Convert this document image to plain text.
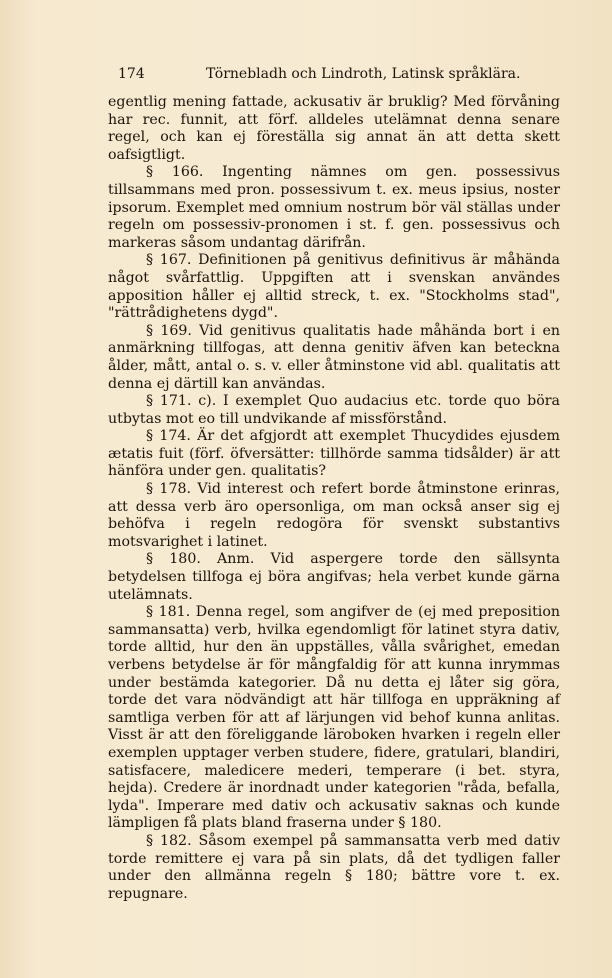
174	Törnebladh och Lindroth, Latinsk språklära.

egentlig mening fattade, ackusativ är bruklig? Med förvåning har rec. funnit, att förf. alldeles utelämnat denna senare regel, och kan ej föreställa sig annat än att detta skett oafsigtligt.

§ 166. Ingenting nämnes om gen. possessivus tillsammans med pron. possessivum t. ex. meus ipsius, noster ipsorum. Exemplet med omnium nostrum bör väl ställas under regeln om possessiv-pronomen i st. f. gen. possessivus och markeras såsom undantag därifrån.

§ 167. Definitionen på genitivus definitivus är måhända något svårfattlig. Uppgiften att i svenskan användes apposition håller ej alltid streck, t. ex. "Stockholms stad", "rättrådighetens dygd".

§ 169. Vid genitivus qualitatis hade måhända bort i en anmärkning tillfogas, att denna genitiv äfven kan beteckna ålder, mått, antal o. s. v. eller åtminstone vid abl. qualitatis att denna ej därtill kan användas.

§ 171. c). I exemplet Quo audacius etc. torde quo böra utbytas mot eo till undvikande af missförstånd.

§ 174. Är det afgjordt att exemplet Thucydides ejusdem ætatis fuit (förf. öfversätter: tillhörde samma tidsålder) är att hänföra under gen. qualitatis?

§ 178. Vid interest och refert borde åtminstone erinras, att dessa verb äro opersonliga, om man också anser sig ej behöfva i regeln redogöra för svenskt substantivs motsvarighet i latinet.

§ 180. Anm. Vid aspergere torde den sällsynta betydelsen tillfoga ej böra angifvas; hela verbet kunde gärna utelämnats.

§ 181. Denna regel, som angifver de (ej med preposition sammansatta) verb, hvilka egendomligt för latinet styra dativ, torde alltid, hur den än uppställes, vålla svårighet, emedan verbens betydelse är för mångfaldig för att kunna inrymmas under bestämda kategorier. Då nu detta ej låter sig göra, torde det vara nödvändigt att här tillfoga en uppräkning af samtliga verben för att af lärjungen vid behof kunna anlitas. Visst är att den föreliggande läroboken hvarken i regeln eller exemplen upptager verben studere, fidere, gratulari, blandiri, satisfacere, maledicere mederi, temperare (i bet. styra, hejda). Credere är inordnadt under kategorien "råda, befalla, lyda". Imperare med dativ och ackusativ saknas och kunde lämpligen få plats bland fraserna under § 180.

§ 182. Såsom exempel på sammansatta verb med dativ torde remittere ej vara på sin plats, då det tydligen faller under den allmänna regeln § 180; bättre vore t. ex. repugnare.
